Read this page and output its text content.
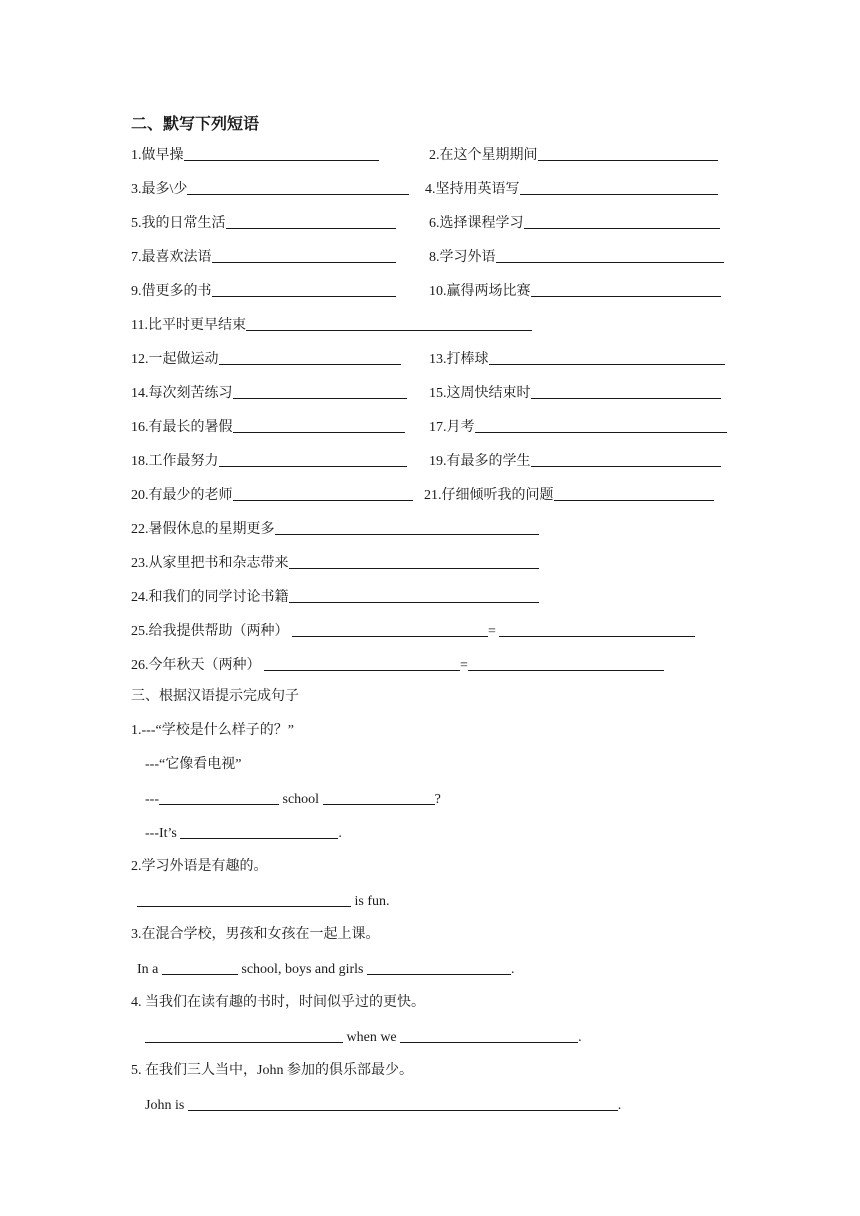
二、默写下列短语
1.做早操	2.在这个星期期间
3.最多\少	4.坚持用英语写
5.我的日常生活	6.选择课程学习
7.最喜欢法语	8.学习外语
9.借更多的书	10.赢得两场比赛
11.比平时更早结束
12.一起做运动	13.打棒球
14.每次刻苦练习	15.这周快结束时
16.有最长的暑假	17.月考
18.工作最努力	19.有最多的学生
20.有最少的老师	21.仔细倾听我的问题
22.暑假休息的星期更多
23.从家里把书和杂志带来
24.和我们的同学讨论书籍
25.给我提供帮助（两种）	=
26.今年秋天（两种）	=
三、根据汉语提示完成句子
1.---“学校是什么样子的？”
---“它像看电视”
---	school	?
---It’s	.
2.学习外语是有趣的。
is fun.
3.在混合学校，男孩和女孩在一起上课。
In a	school, boys and girls	.
4. 当我们在读有趣的书时，时间似乎过的更快。
when we	.
5. 在我们三人当中，John 参加的俱乐部最少。
John is	.
